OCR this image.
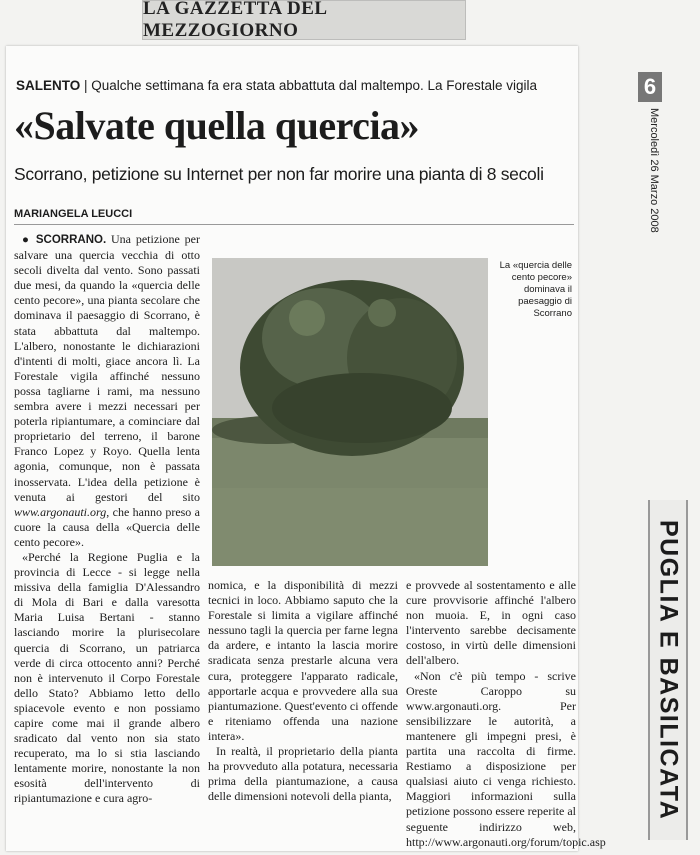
LA GAZZETTA DEL MEZZOGIORNO
SALENTO | Qualche settimana fa era stata abbattuta dal maltempo. La Forestale vigila
«Salvate quella quercia»
Scorrano, petizione su Internet per non far morire una pianta di 8 secoli
MARIANGELA LEUCCI

● SCORRANO. Una petizione per salvare una quercia vecchia di otto secoli divelta dal vento. Sono passati due mesi, da quando la «quercia delle cento pecore», una pianta secolare che dominava il paesaggio di Scorrano, è stata abbattuta dal maltempo. L'albero, nonostante le dichiarazioni d'intenti di molti, giace ancora lì. La Forestale vigila affinché nessuno possa tagliarne i rami, ma nessuno sembra avere i mezzi necessari per poterla ripiantumare, a cominciare dal proprietario del terreno, il barone Franco Lopez y Royo. Quella lenta agonia, comunque, non è passata inosservata. L'idea della petizione è venuta ai gestori del sito www.argonauti.org, che hanno preso a cuore la causa della «Quercia delle cento pecore».

«Perché la Regione Puglia e la provincia di Lecce - si legge nella missiva della famiglia D'Alessandro di Mola di Bari e dalla varesotta Maria Luisa Bertani - stanno lasciando morire la plurisecolare quercia di Scorrano, un patriarca verde di circa ottocento anni? Perché non è intervenuto il Corpo Forestale dello Stato? Abbiamo letto dello spiacevole evento e non possiamo capire come mai il grande albero sradicato dal vento non sia stato recuperato, ma lo si stia lasciando lentamente morire, nonostante la non esosità dell'intervento di ripiantumazione e cura agro-

La «quercia delle cento pecore» dominava il paesaggio di Scorrano

nomica, e la disponibilità di mezzi tecnici in loco. Abbiamo saputo che la Forestale si limita a vigilare affinché nessuno tagli la quercia per farne legna da ardere, e intanto la lascia morire sradicata senza prestarle alcuna vera cura, proteggere l'apparato radicale, apportarle acqua e provvedere alla sua piantumazione. Quest'evento ci offende e riteniamo offenda una nazione intera».

In realtà, il proprietario della pianta ha provveduto alla potatura, necessaria prima della piantumazione, a causa delle dimensioni notevoli della pianta,

e provvede al sostentamento e alle cure provvisorie affinché l'albero non muoia. E, in ogni caso l'intervento sarebbe decisamente costoso, in virtù delle dimensioni dell'albero.

«Non c'è più tempo - scrive Oreste Caroppo su www.argonauti.org. Per sensibilizzare le autorità, a mantenere gli impegni presi, è partita una raccolta di firme. Restiamo a disposizione per qualsiasi aiuto ci venga richiesto. Maggiori informazioni sulla petizione possono essere reperite al seguente indirizzo web, http://www.argonauti.org/forum/topic.asp

6
Mercoledì 26 Marzo 2008
PUGLIA E BASILICATA
